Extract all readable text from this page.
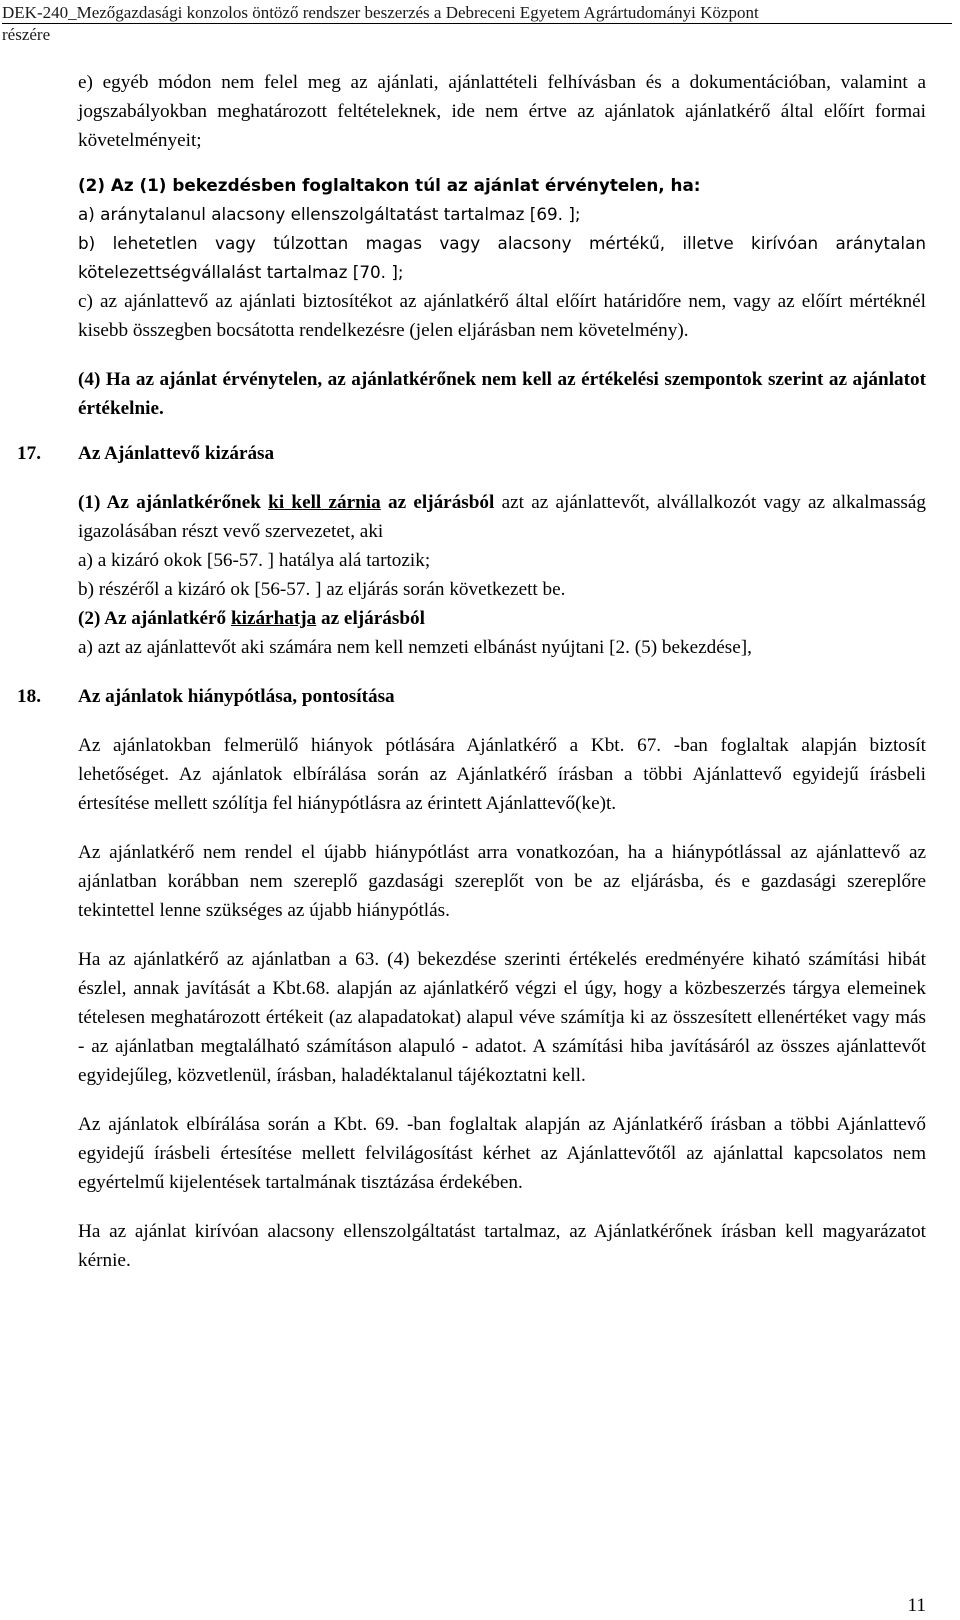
DEK-240_Mezőgazdasági konzolos öntöző rendszer beszerzés a Debreceni Egyetem Agrártudományi Központ
részére

e) egyéb módon nem felel meg az ajánlati, ajánlattételi felhívásban és a dokumentációban, valamint a jogszabályokban meghatározott feltételeknek, ide nem értve az ajánlatok ajánlatkérő által előírt formai követelményeit;

(2) Az (1) bekezdésben foglaltakon túl az ajánlat érvénytelen, ha:

a) aránytalanul alacsony ellenszolgáltatást tartalmaz [69. ];

b) lehetetlen vagy túlzottan magas vagy alacsony mértékű, illetve kirívóan aránytalan kötelezettségvállalást tartalmaz [70. ];

c) az ajánlattevő az ajánlati biztosítékot az ajánlatkérő által előírt határidőre nem, vagy az előírt mértéknél kisebb összegben bocsátotta rendelkezésre (jelen eljárásban nem követelmény).

(4) Ha az ajánlat érvénytelen, az ajánlatkérőnek nem kell az értékelési szempontok szerint az ajánlatot értékelnie.

17. Az Ajánlattevő kizárása

(1) Az ajánlatkérőnek ki kell zárnia az eljárásból azt az ajánlattevőt, alvállalkozót vagy az alkalmasság igazolásában részt vevő szervezetet, aki

a) a kizáró okok [56-57. ] hatálya alá tartozik;

b) részéről a kizáró ok [56-57. ] az eljárás során következett be.

(2) Az ajánlatkérő kizárhatja az eljárásból

a) azt az ajánlattevőt aki számára nem kell nemzeti elbánást nyújtani [2. (5) bekezdése],

18. Az ajánlatok hiánypótlása, pontosítása

Az ajánlatokban felmerülő hiányok pótlására Ajánlatkérő a Kbt. 67. -ban foglaltak alapján biztosít lehetőséget. Az ajánlatok elbírálása során az Ajánlatkérő írásban a többi Ajánlattevő egyidejű írásbeli értesítése mellett szólítja fel hiánypótlásra az érintett Ajánlattevő(ke)t.

Az ajánlatkérő nem rendel el újabb hiánypótlást arra vonatkozóan, ha a hiánypótlással az ajánlattevő az ajánlatban korábban nem szereplő gazdasági szereplőt von be az eljárásba, és e gazdasági szereplőre tekintettel lenne szükséges az újabb hiánypótlás.

Ha az ajánlatkérő az ajánlatban a 63. (4) bekezdése szerinti értékelés eredményére kiható számítási hibát észlel, annak javítását a Kbt.68. alapján az ajánlatkérő végzi el úgy, hogy a közbeszerzés tárgya elemeinek tételesen meghatározott értékeit (az alapadatokat) alapul véve számítja ki az összesített ellenértéket vagy más - az ajánlatban megtalálható számításon alapuló - adatot. A számítási hiba javításáról az összes ajánlattevőt egyidejűleg, közvetlenül, írásban, haladéktalanul tájékoztatni kell.

Az ajánlatok elbírálása során a Kbt. 69. -ban foglaltak alapján az Ajánlatkérő írásban a többi Ajánlattevő egyidejű írásbeli értesítése mellett felvilágosítást kérhet az Ajánlattevőtől az ajánlattal kapcsolatos nem egyértelmű kijelentések tartalmának tisztázása érdekében.

Ha az ajánlat kirívóan alacsony ellenszolgáltatást tartalmaz, az Ajánlatkérőnek írásban kell magyarázatot kérnie.

11
